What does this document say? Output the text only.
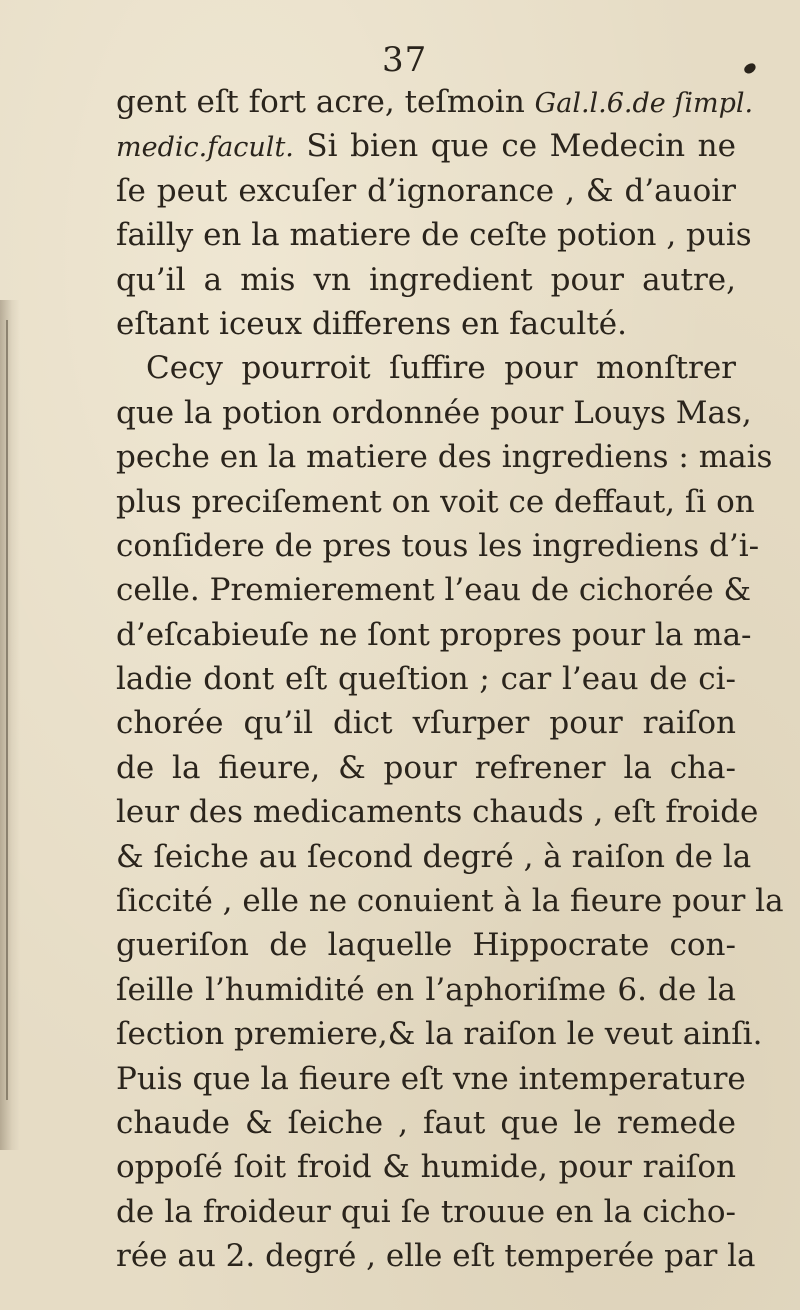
37
gent eſt fort acre, teſmoin Gal.l.6.de ſimpl.
medic.facult. Si bien que ce Medecin ne
ſe peut excuſer d’ignorance , & d’auoir
failly en la matiere de ceſte potion , puis
qu’il a mis vn ingredient pour autre,
eſtant iceux differens en faculté.
Cecy pourroit ſuffire pour monſtrer
que la potion ordonnée pour Louys Mas,
peche en la matiere des ingrediens : mais
plus preciſement on voit ce deffaut, ſi on
conſidere de pres tous les ingrediens d’i-
celle. Premierement l’eau de cichorée &
d’eſcabieuſe ne ſont propres pour la ma-
ladie dont eſt queſtion ; car l’eau de ci-
chorée qu’il dict vſurper pour raiſon
de la fieure, & pour refrener la cha-
leur des medicaments chauds , eſt froide
& ſeiche au ſecond degré , à raiſon de la
ſiccité , elle ne conuient à la fieure pour la
gueriſon de laquelle Hippocrate con-
ſeille l’humidité en l’aphoriſme 6. de la
ſection premiere,& la raiſon le veut ainſi.
Puis que la fieure eſt vne intemperature
chaude & ſeiche , faut que le remede
oppoſé ſoit froid & humide, pour raiſon
de la froideur qui ſe trouue en la cicho-
rée au 2. degré , elle eſt temperée par la
